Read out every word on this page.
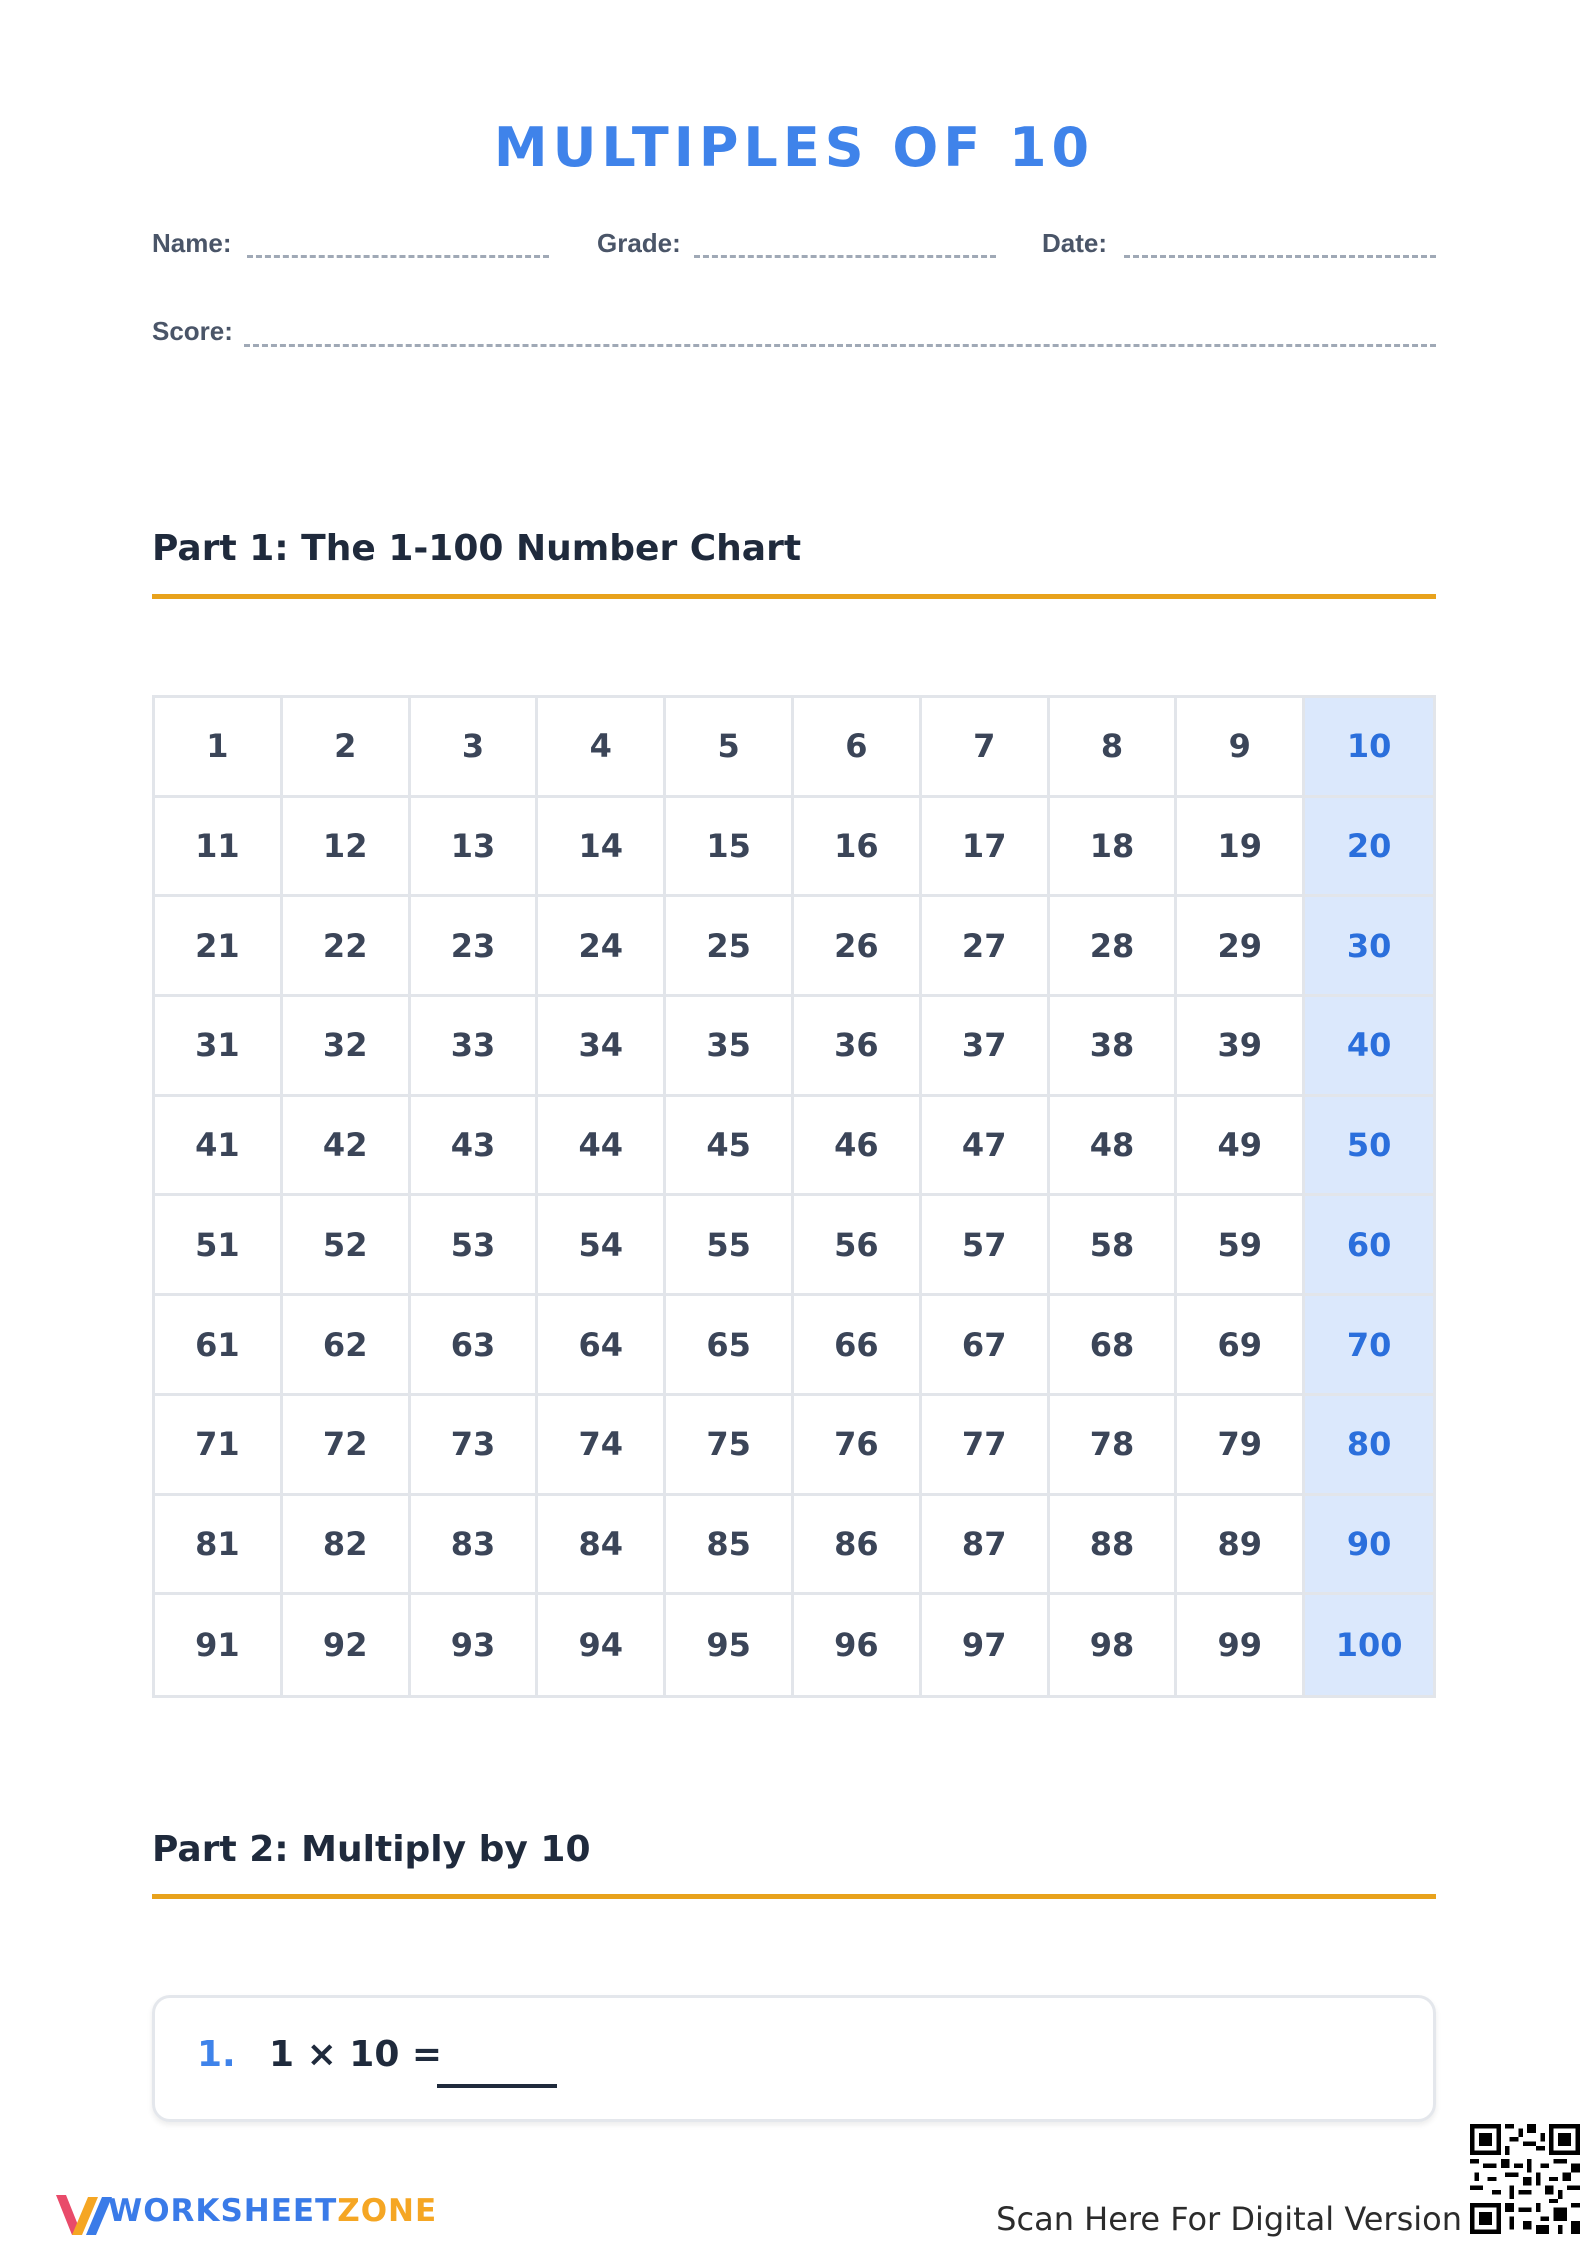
MULTIPLES OF 10
Name:	Grade:	Date:
Score:
Part 1: The 1-100 Number Chart
1	2	3	4	5	6	7	8	9	10
11	12	13	14	15	16	17	18	19	20
21	22	23	24	25	26	27	28	29	30
31	32	33	34	35	36	37	38	39	40
41	42	43	44	45	46	47	48	49	50
51	52	53	54	55	56	57	58	59	60
61	62	63	64	65	66	67	68	69	70
71	72	73	74	75	76	77	78	79	80
81	82	83	84	85	86	87	88	89	90
91	92	93	94	95	96	97	98	99	100
Part 2: Multiply by 10
1. 1 × 10 =
WORKSHEETZONE	Scan Here For Digital Version
